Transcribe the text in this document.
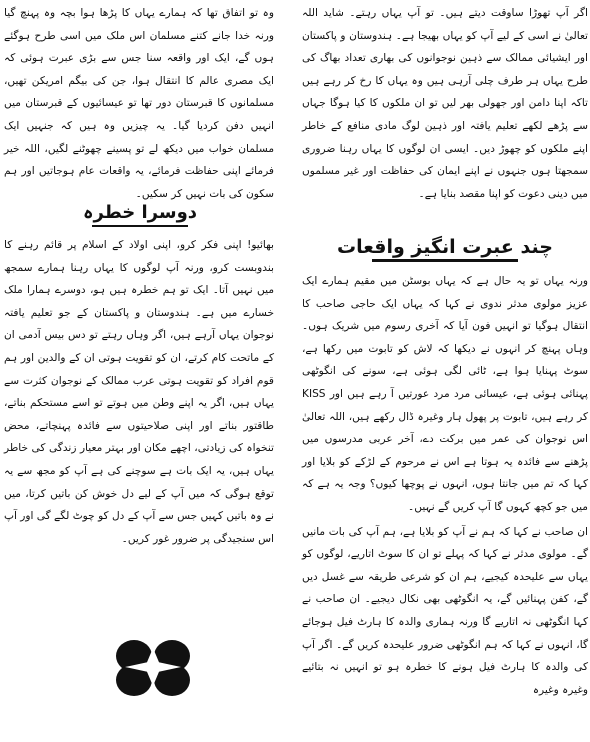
اگر آپ تھوڑا ساوقت دیتے ہیں۔ تو آپ یہاں رہتے۔ شاید اللہ تعالیٰ نے اسی کے لیے آپ کو یہاں بھیجا ہے۔ ہندوستان و پاکستان اور ایشیائی ممالک سے ذہین نوجوانوں کی بھاری تعداد بھاگ کی طرح یہاں ہر طرف چلی آرہی ہیں وہ یہاں کا رخ کر رہے ہیں تاکہ اپنا دامن اور جھولی بھر لیں تو ان ملکوں کا کیا ہوگا جہاں سے پڑھے لکھے تعلیم یافتہ اور ذہین لوگ مادی منافع کے خاطر اپنے ملکوں کو چھوڑ دیں۔ ایسی ان لوگوں کا یہاں رہنا ضروری سمجھتا ہوں جنہوں نے اپنے ایمان کی حفاظت اور غیر مسلموں میں دینی دعوت کو اپنا مقصد بنایا ہے۔

چند عبرت انگیز واقعات

ورنہ یہاں تو یہ حال ہے کہ یہاں بوسٹن میں مقیم ہمارے ایک عزیز مولوی مدثر ندوی نے کہا کہ یہاں ایک حاجی صاحب کا انتقال ہوگیا تو انہیں فون آیا کہ آخری رسوم میں شریک ہوں۔ وہاں پہنچ کر انہوں نے دیکھا کہ لاش کو تابوت میں رکھا ہے، سوٹ پہنایا ہوا ہے، ٹائی لگی ہوئی ہے، سونے کی انگوٹھی پہنائی ہوئی ہے، عیسائی مرد مرد عورتیں آ رہے ہیں اور KISS کر رہے ہیں، تابوت پر پھول ہار وغیرہ ڈال رکھے ہیں، اللہ تعالیٰ اس نوجوان کی عمر میں برکت دے، آخر عربی مدرسوں میں پڑھنے سے فائدہ یہ ہوتا ہے اس نے مرحوم کے لڑکے کو بلایا اور کہا کہ تم میں جانتا ہوں، انہوں نے پوچھا کیوں؟ وجہ یہ ہے کہ میں جو کچھ کہوں گا آپ کریں گے نہیں۔

ان صاحب نے کہا کہ ہم نے آپ کو بلایا ہے، ہم آپ کی بات مانیں گے۔ مولوی مدثر نے کہا کہ پہلے تو ان کا سوٹ اتاریے، لوگوں کو یہاں سے علیحدہ کیجیے، ہم ان کو شرعی طریقہ سے غسل دیں گے، کفن پہنائیں گے، یہ انگوٹھی بھی نکال دیجیے۔ ان صاحب نے کہا انگوٹھی نہ اتاریے گا ورنہ ہماری والدہ کا ہارٹ فیل ہوجائے گا، انہوں نے کہا کہ ہم انگوٹھی ضرور علیحدہ کریں گے۔ اگر آپ کی والدہ کا ہارٹ فیل ہونے کا خطرہ ہو تو انہیں نہ بتائیے وغیرہ وغیرہ

وہ تو اتفاق تھا کہ ہمارے یہاں کا پڑھا ہوا بچہ وہ پہنچ گیا ورنہ خدا جانے کتنے مسلمان اس ملک میں اسی طرح ہوگئے ہوں گے، ایک اور واقعہ سنا جس سے بڑی عبرت ہوئی کہ ایک مصری عالم کا انتقال ہوا، جن کی بیگم امریکن تھیں، مسلمانوں کا قبرستان دور تھا تو عیسائیوں کے قبرستان میں انہیں دفن کردیا گیا۔ یہ چیزیں وہ ہیں کہ جنہیں ایک مسلمان خواب میں دیکھ لے تو پسینے چھوٹنے لگیں، اللہ خیر فرمائے اپنی حفاظت فرمائے، یہ واقعات عام ہوجاتیں اور ہم سکون کی بات نہیں کر سکیں۔

دوسرا خطرہ

بھائیو! اپنی فکر کرو، اپنی اولاد کے اسلام پر قائم رہنے کا بندوبست کرو، ورنہ آپ لوگوں کا یہاں رہنا ہمارے سمجھ میں نہیں آتا۔ ایک تو ہم خطرہ ہیں ہو، دوسرے ہمارا ملک خسارے میں ہے۔ ہندوستان و پاکستان کے جو تعلیم یافتہ نوجوان یہاں آرہے ہیں، اگر وہاں رہتے تو دس بیس آدمی ان کے ماتحت کام کرتے، ان کو تقویت ہوتی ان کے والدین اور ہم قوم افراد کو تقویت ہوتی عرب ممالک کے نوجوان کثرت سے یہاں ہیں، اگر یہ اپنے وطن میں ہوتے تو اسے مستحکم بناتے، طاقتور بناتے اور اپنی صلاحیتوں سے فائدہ پہنچاتے، محض تنخواہ کی زیادتی، اچھے مکان اور بہتر معیار زندگی کی خاطر یہاں ہیں، یہ ایک بات ہے سوچنے کی ہے آپ کو مجھ سے یہ توقع ہوگی کہ میں آپ کے لیے دل خوش کن باتیں کرتا، میں نے وہ باتیں کہیں جس سے آپ کے دل کو چوٹ لگے گی اور آپ اس سنجیدگی پر ضرور غور کریں۔
